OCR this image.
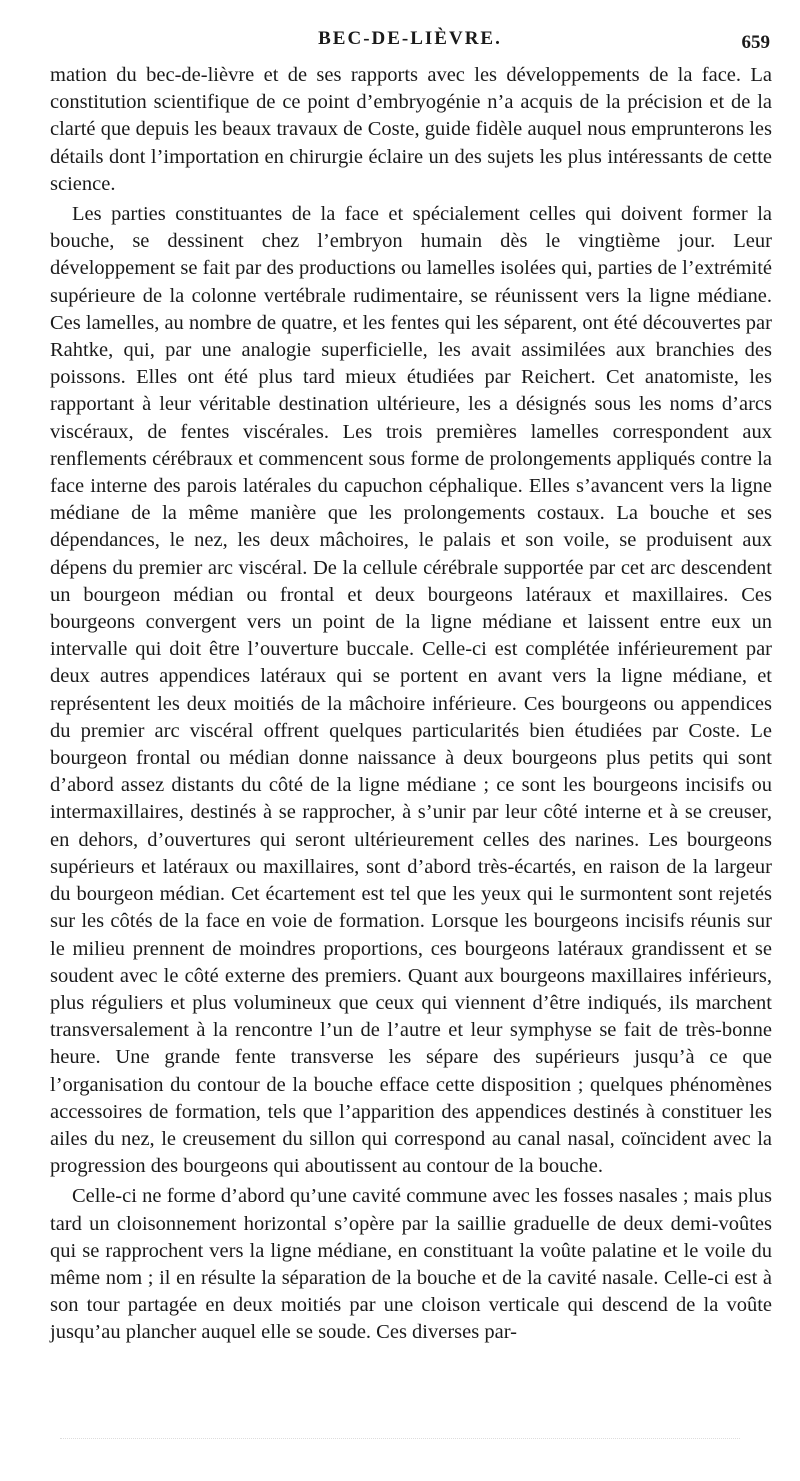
BEC-DE-LIÈVRE.	659

mation du bec-de-lièvre et de ses rapports avec les développements de la face. La constitution scientifique de ce point d’embryogénie n’a acquis de la précision et de la clarté que depuis les beaux travaux de Coste, guide fidèle auquel nous emprunterons les détails dont l’importation en chirurgie éclaire un des sujets les plus intéressants de cette science.

Les parties constituantes de la face et spécialement celles qui doivent former la bouche, se dessinent chez l’embryon humain dès le vingtième jour. Leur développement se fait par des productions ou lamelles isolées qui, parties de l’extrémité supérieure de la colonne vertébrale rudimentaire, se réunissent vers la ligne médiane. Ces lamelles, au nombre de quatre, et les fentes qui les séparent, ont été découvertes par Rahtke, qui, par une analogie superficielle, les avait assimilées aux branchies des poissons. Elles ont été plus tard mieux étudiées par Reichert. Cet anatomiste, les rapportant à leur véritable destination ultérieure, les a désignés sous les noms d’arcs viscéraux, de fentes viscérales. Les trois premières lamelles correspondent aux renflements cérébraux et commencent sous forme de prolongements appliqués contre la face interne des parois latérales du capuchon céphalique. Elles s’avancent vers la ligne médiane de la même manière que les prolongements costaux. La bouche et ses dépendances, le nez, les deux mâchoires, le palais et son voile, se produisent aux dépens du premier arc viscéral. De la cellule cérébrale supportée par cet arc descendent un bourgeon médian ou frontal et deux bourgeons latéraux et maxillaires. Ces bourgeons convergent vers un point de la ligne médiane et laissent entre eux un intervalle qui doit être l’ouverture buccale. Celle-ci est complétée inférieurement par deux autres appendices latéraux qui se portent en avant vers la ligne médiane, et représentent les deux moitiés de la mâchoire inférieure. Ces bourgeons ou appendices du premier arc viscéral offrent quelques particularités bien étudiées par Coste. Le bourgeon frontal ou médian donne naissance à deux bourgeons plus petits qui sont d’abord assez distants du côté de la ligne médiane ; ce sont les bourgeons incisifs ou intermaxillaires, destinés à se rapprocher, à s’unir par leur côté interne et à se creuser, en dehors, d’ouvertures qui seront ultérieurement celles des narines. Les bourgeons supérieurs et latéraux ou maxillaires, sont d’abord très-écartés, en raison de la largeur du bourgeon médian. Cet écartement est tel que les yeux qui le surmontent sont rejetés sur les côtés de la face en voie de formation. Lorsque les bourgeons incisifs réunis sur le milieu prennent de moindres proportions, ces bourgeons latéraux grandissent et se soudent avec le côté externe des premiers. Quant aux bourgeons maxillaires inférieurs, plus réguliers et plus volumineux que ceux qui viennent d’être indiqués, ils marchent transversalement à la rencontre l’un de l’autre et leur symphyse se fait de très-bonne heure. Une grande fente transverse les sépare des supérieurs jusqu’à ce que l’organisation du contour de la bouche efface cette disposition ; quelques phénomènes accessoires de formation, tels que l’apparition des appendices destinés à constituer les ailes du nez, le creusement du sillon qui correspond au canal nasal, coïncident avec la progression des bourgeons qui aboutissent au contour de la bouche.

Celle-ci ne forme d’abord qu’une cavité commune avec les fosses nasales ; mais plus tard un cloisonnement horizontal s’opère par la saillie graduelle de deux demi-voûtes qui se rapprochent vers la ligne médiane, en constituant la voûte palatine et le voile du même nom ; il en résulte la séparation de la bouche et de la cavité nasale. Celle-ci est à son tour partagée en deux moitiés par une cloison verticale qui descend de la voûte jusqu’au plancher auquel elle se soude. Ces diverses par-
